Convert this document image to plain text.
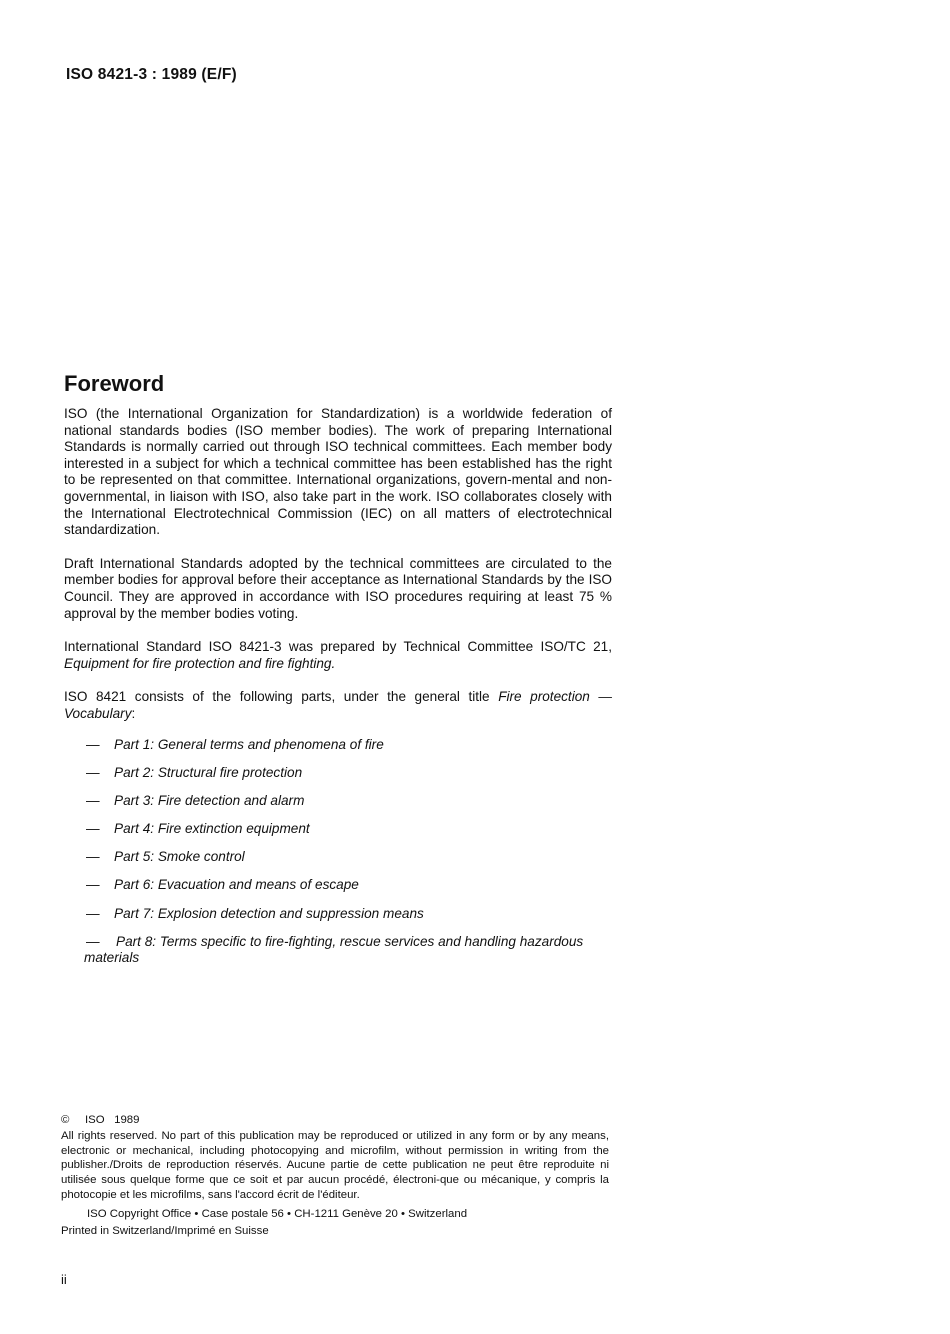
ISO 8421-3 : 1989 (E/F)
Foreword

ISO (the International Organization for Standardization) is a worldwide federation of national standards bodies (ISO member bodies). The work of preparing International Standards is normally carried out through ISO technical committees. Each member body interested in a subject for which a technical committee has been established has the right to be represented on that committee. International organizations, govern-mental and non-governmental, in liaison with ISO, also take part in the work. ISO collaborates closely with the International Electrotechnical Commission (IEC) on all matters of electrotechnical standardization.

Draft International Standards adopted by the technical committees are circulated to the member bodies for approval before their acceptance as International Standards by the ISO Council. They are approved in accordance with ISO procedures requiring at least 75 % approval by the member bodies voting.

International Standard ISO 8421-3 was prepared by Technical Committee ISO/TC 21, Equipment for fire protection and fire fighting.

ISO 8421 consists of the following parts, under the general title Fire protection — Vocabulary:

— Part 1: General terms and phenomena of fire
— Part 2: Structural fire protection
— Part 3: Fire detection and alarm
— Part 4: Fire extinction equipment
— Part 5: Smoke control
— Part 6: Evacuation and means of escape
— Part 7: Explosion detection and suppression means
— Part 8: Terms specific to fire-fighting, rescue services and handling hazardous materials
© ISO   1989
All rights reserved. No part of this publication may be reproduced or utilized in any form or by any means, electronic or mechanical, including photocopying and microfilm, without permission in writing from the publisher./Droits de reproduction réservés. Aucune partie de cette publication ne peut être reproduite ni utilisée sous quelque forme que ce soit et par aucun procédé, électroni-que ou mécanique, y compris la photocopie et les microfilms, sans l'accord écrit de l'éditeur.
ISO Copyright Office • Case postale 56 • CH-1211 Genève 20 • Switzerland
Printed in Switzerland/Imprimé en Suisse
ii
